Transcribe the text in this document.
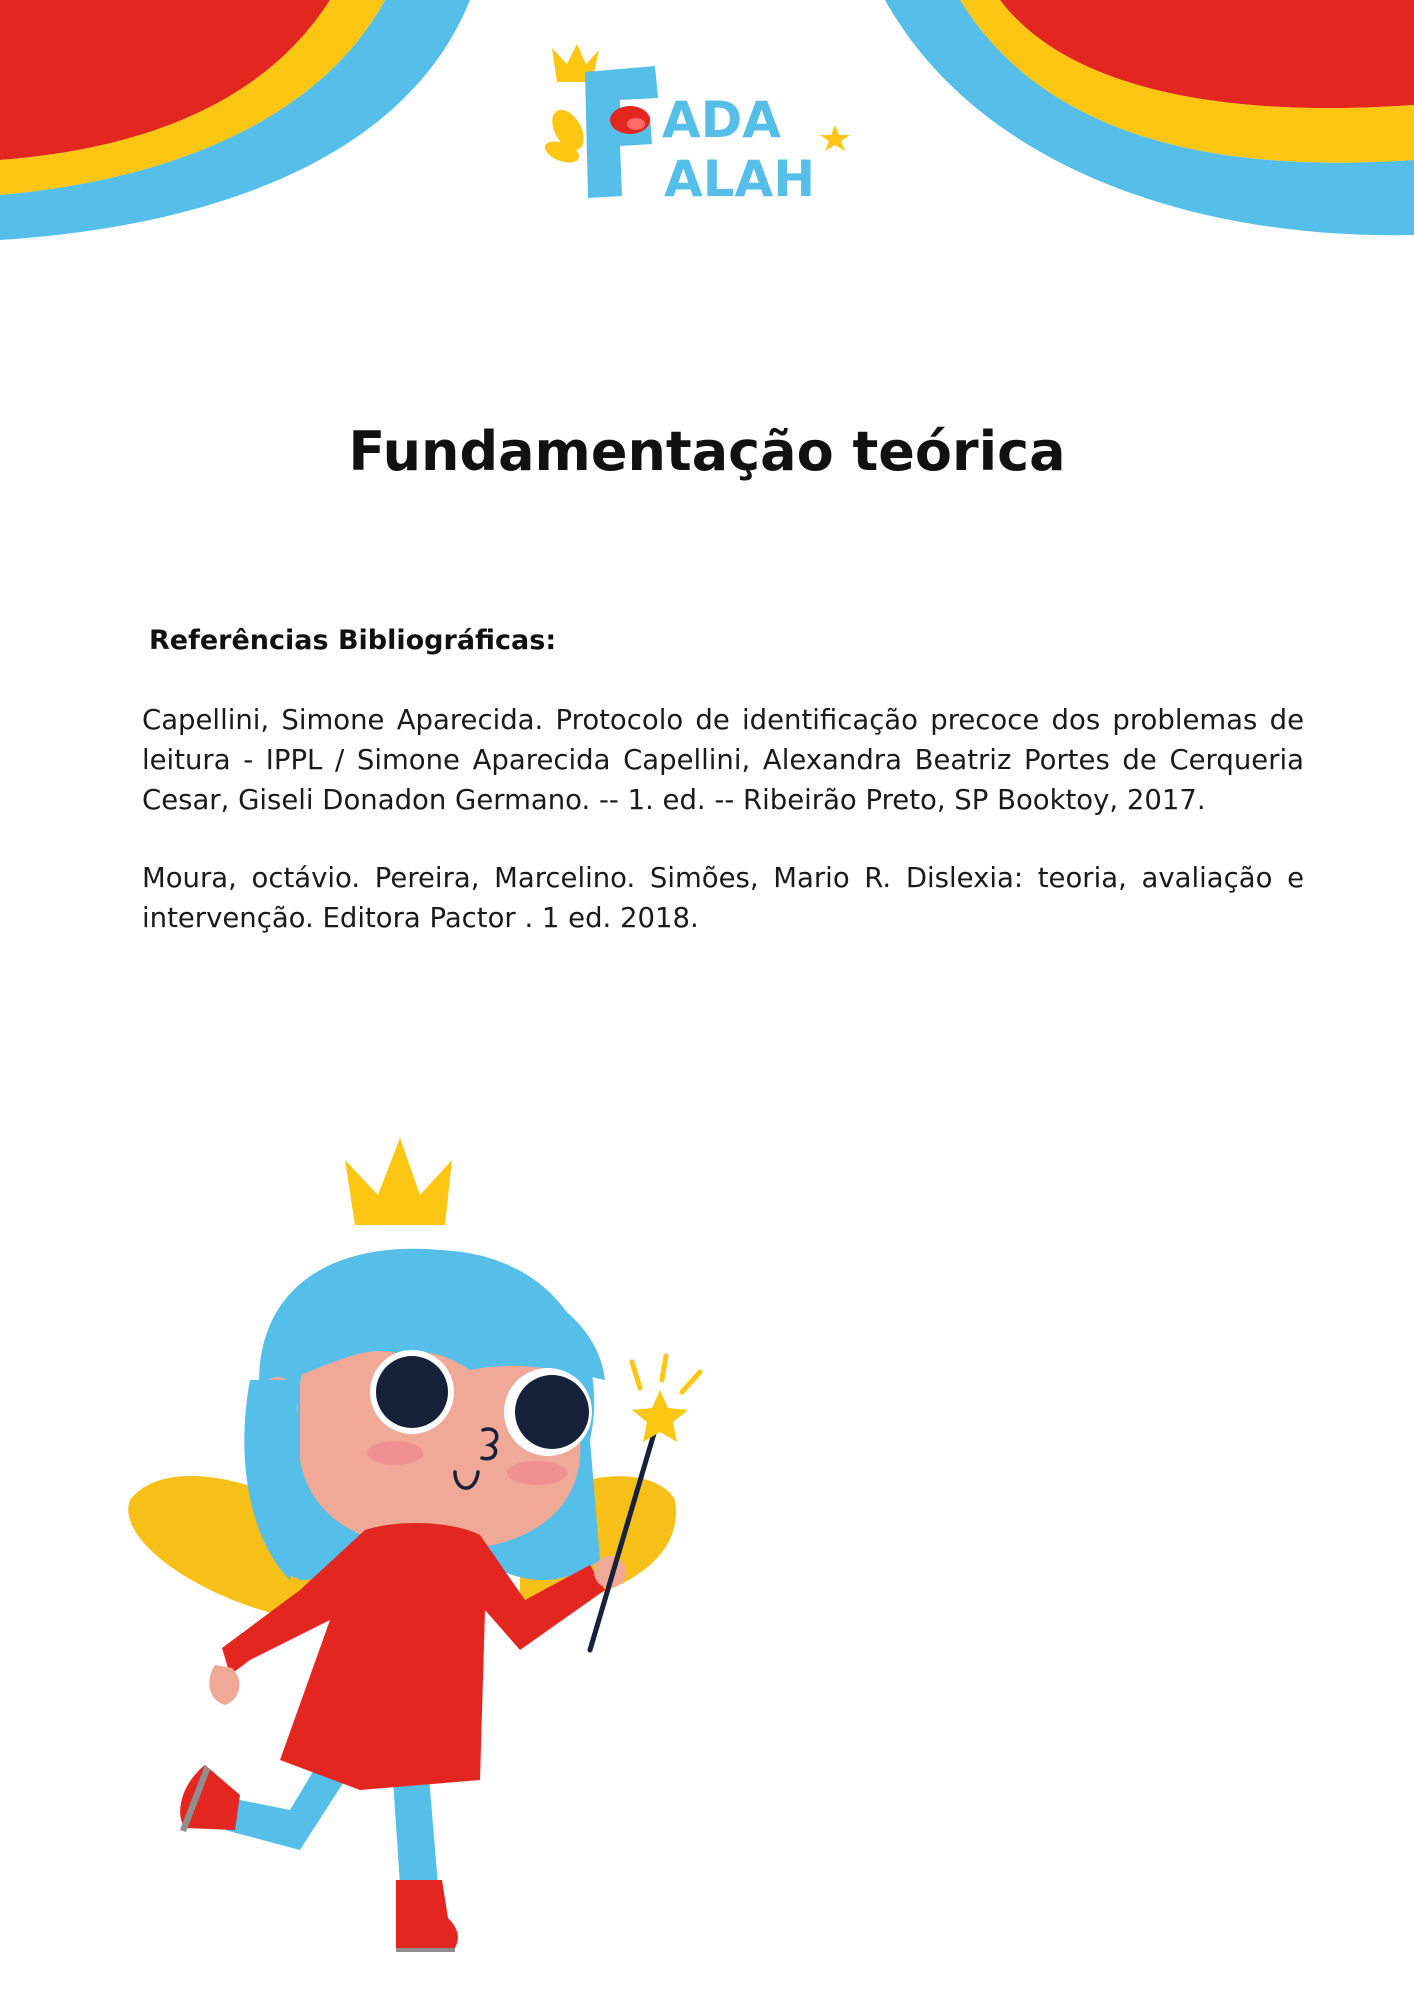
ADA
ALAH
Fundamentação teórica

Referências Bibliográficas:

Capellini, Simone Aparecida. Protocolo de identificação precoce dos problemas de leitura - IPPL / Simone Aparecida Capellini, Alexandra Beatriz Portes de Cerqueria Cesar, Giseli Donadon Germano. -- 1. ed. -- Ribeirão Preto, SP Booktoy, 2017.

Moura, octávio. Pereira, Marcelino. Simões, Mario R. Dislexia: teoria, avaliação e intervenção. Editora Pactor . 1 ed. 2018.
